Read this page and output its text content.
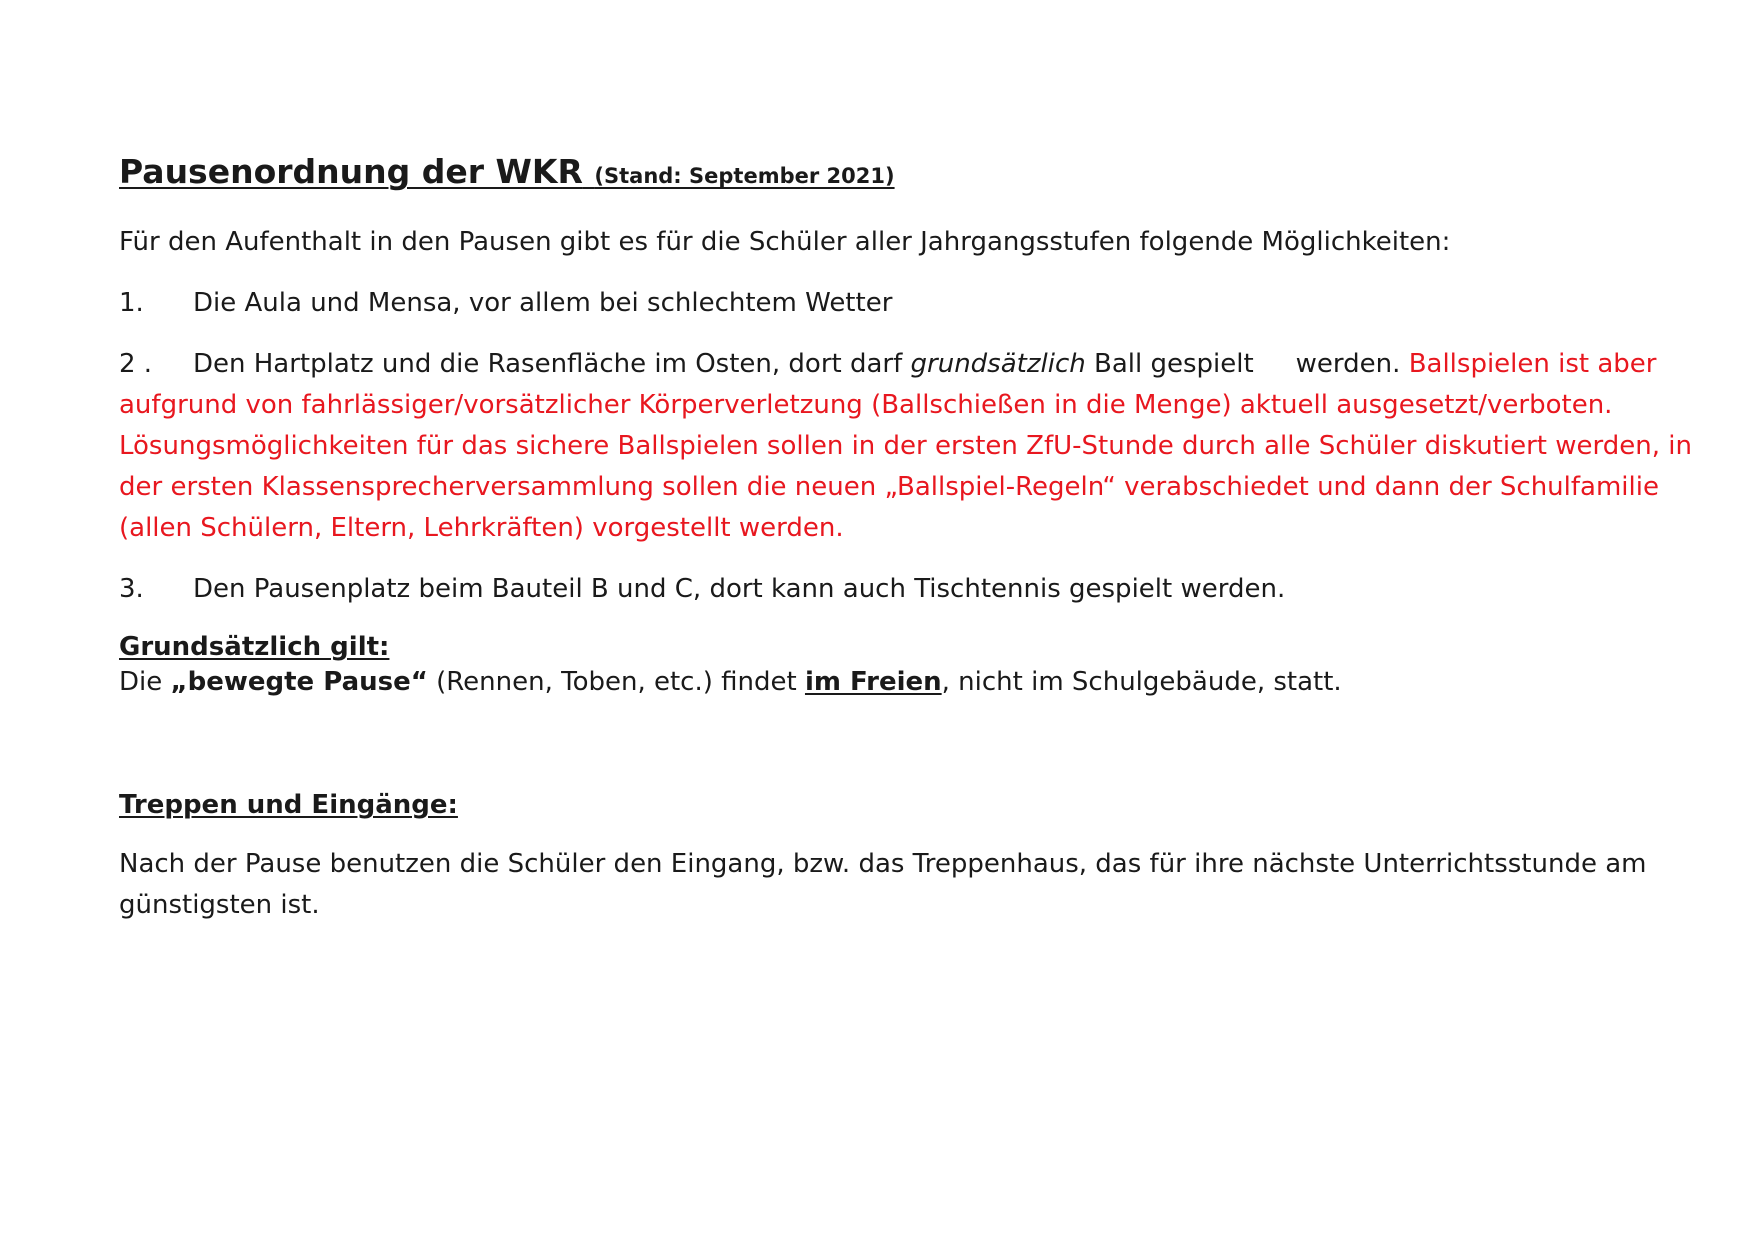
Pausenordnung der WKR (Stand: September 2021)

Für den Aufenthalt in den Pausen gibt es für die Schüler aller Jahrgangsstufen folgende Möglichkeiten:

1. Die Aula und Mensa, vor allem bei schlechtem Wetter
2 . Den Hartplatz und die Rasenfläche im Osten, dort darf grundsätzlich Ball gespielt werden. Ballspielen ist aber aufgrund von fahrlässiger/vorsätzlicher Körperverletzung (Ballschießen in die Menge) aktuell ausgesetzt/verboten. Lösungsmöglichkeiten für das sichere Ballspielen sollen in der ersten ZfU-Stunde durch alle Schüler diskutiert werden, in der ersten Klassensprecherversammlung sollen die neuen „Ballspiel-Regeln“ verabschiedet und dann der Schulfamilie (allen Schülern, Eltern, Lehrkräften) vorgestellt werden.
3. Den Pausenplatz beim Bauteil B und C, dort kann auch Tischtennis gespielt werden.

Grundsätzlich gilt:

Die „bewegte Pause“ (Rennen, Toben, etc.) findet im Freien, nicht im Schulgebäude, statt.

Treppen und Eingänge:

Nach der Pause benutzen die Schüler den Eingang, bzw. das Treppenhaus, das für ihre nächste Unterrichtsstunde am günstigsten ist.
